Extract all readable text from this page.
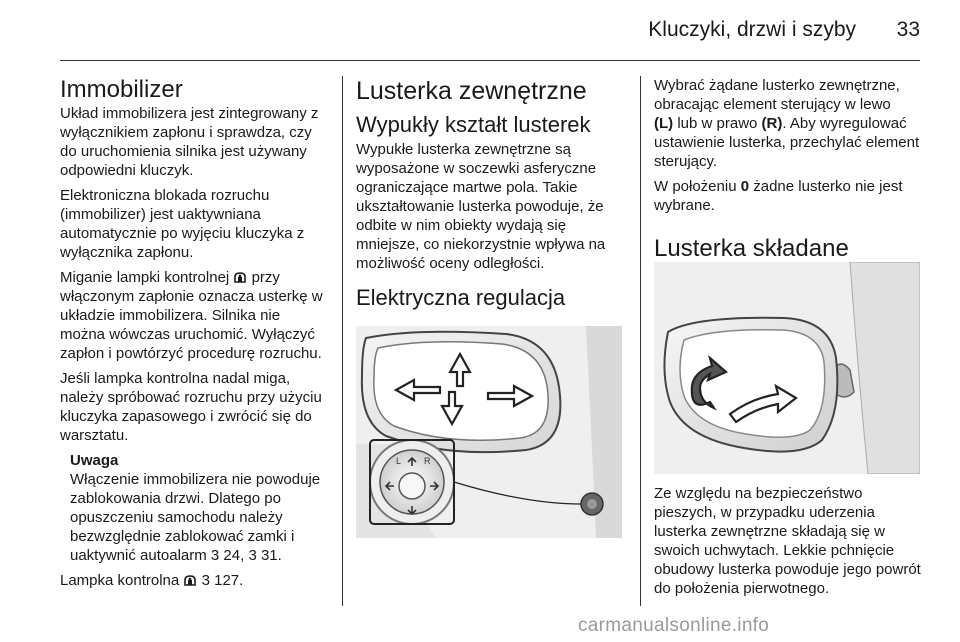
Kluczyki, drzwi i szyby 33
Immobilizer

Układ immobilizera jest zintegrowany z wyłącznikiem zapłonu i sprawdza, czy do uruchomienia silnika jest używany odpowiedni kluczyk.

Elektroniczna blokada rozruchu (immobilizer) jest uaktywniana automatycznie po wyjęciu kluczyka z wyłącznika zapłonu.

Miganie lampki kontrolnej przy włączonym zapłonie oznacza usterkę w układzie immobilizera. Silnika nie można wówczas uruchomić. Wyłączyć zapłon i powtórzyć procedurę rozruchu.

Jeśli lampka kontrolna nadal miga, należy spróbować rozruchu przy użyciu kluczyka zapasowego i zwrócić się do warsztatu.

Uwaga
Włączenie immobilizera nie powoduje zablokowania drzwi. Dlatego po opuszczeniu samochodu należy bezwzględnie zablokować zamki i uaktywnić autoalarm 3 24, 3 31.

Lampka kontrolna 3 127.

Lusterka zewnętrzne
Wypukły kształt lusterek

Wypukłe lusterka zewnętrzne są wyposażone w soczewki asferyczne ograniczające martwe pola. Takie ukształtowanie lusterka powoduje, że odbite w nim obiekty wydają się mniejsze, co niekorzystnie wpływa na możliwość oceny odległości.

Elektryczna regulacja
L	R

Wybrać żądane lusterko zewnętrzne, obracając element sterujący w lewo
(L) lub w prawo (R). Aby wyregulować ustawienie lusterka, przechylać element sterujący.

W położeniu 0 żadne lusterko nie jest wybrane.

Lusterka składane

Ze względu na bezpieczeństwo pieszych, w przypadku uderzenia lusterka zewnętrzne składają się w swoich uchwytach. Lekkie pchnięcie obudowy lusterka powoduje jego powrót do położenia pierwotnego.

carmanualsonline.info
